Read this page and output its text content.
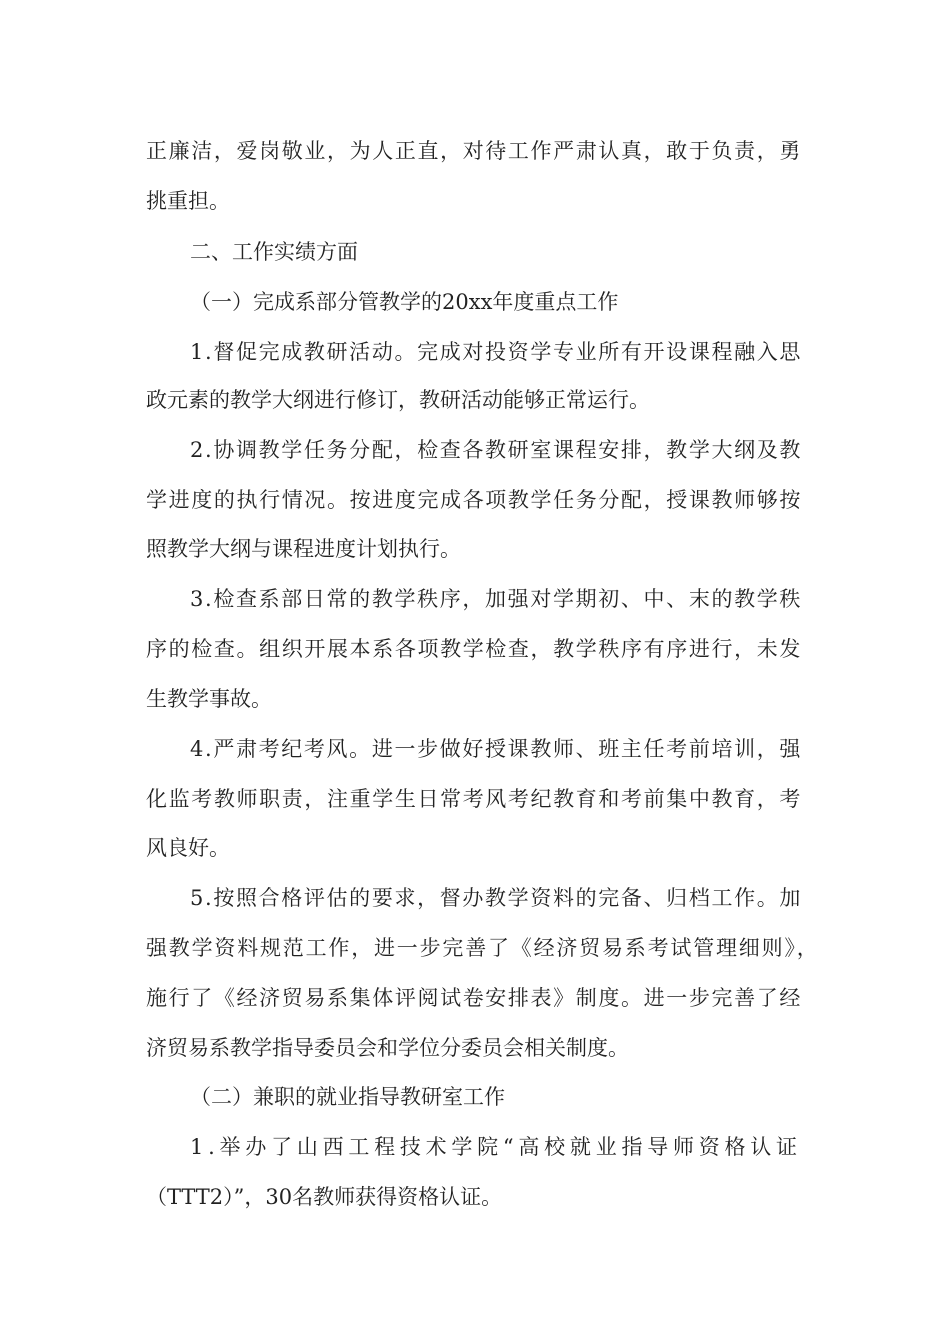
正廉洁，爱岗敬业，为人正直，对待工作严肃认真，敢于负责，勇
挑重担。
二、工作实绩方面
（一）完成系部分管教学的20xx年度重点工作
1.督促完成教研活动。完成对投资学专业所有开设课程融入思
政元素的教学大纲进行修订，教研活动能够正常运行。
2.协调教学任务分配，检查各教研室课程安排，教学大纲及教
学进度的执行情况。按进度完成各项教学任务分配，授课教师够按
照教学大纲与课程进度计划执行。
3.检查系部日常的教学秩序，加强对学期初、中、末的教学秩
序的检查。组织开展本系各项教学检查，教学秩序有序进行，未发
生教学事故。
4.严肃考纪考风。进一步做好授课教师、班主任考前培训，强
化监考教师职责，注重学生日常考风考纪教育和考前集中教育，考
风良好。
5.按照合格评估的要求，督办教学资料的完备、归档工作。加
强教学资料规范工作，进一步完善了《经济贸易系考试管理细则》，
施行了《经济贸易系集体评阅试卷安排表》制度。进一步完善了经
济贸易系教学指导委员会和学位分委员会相关制度。
（二）兼职的就业指导教研室工作
1.举办了山西工程技术学院“高校就业指导师资格认证
（TTT2）”，30名教师获得资格认证。
